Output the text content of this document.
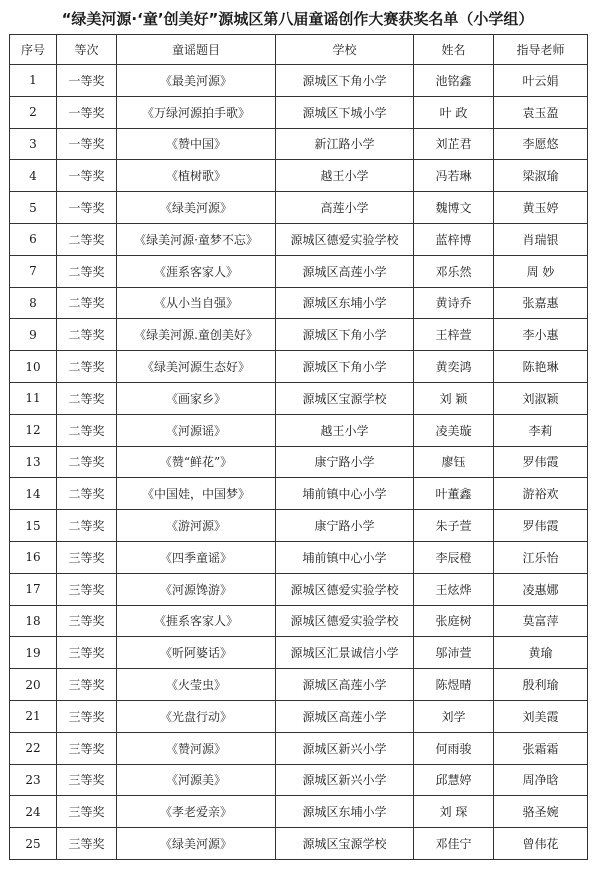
“绿美河源·‘童’创美好”源城区第八届童谣创作大赛获奖名单（小学组）
序号	等次	童谣题目	学校	姓名	指导老师
1	一等奖	《最美河源》	源城区下角小学	池铭鑫	叶云娟
2	一等奖	《万绿河源拍手歌》	源城区下城小学	叶 政	袁玉盈
3	一等奖	《赞中国》	新江路小学	刘芷君	李愿悠
4	一等奖	《植树歌》	越王小学	冯若琳	梁淑瑜
5	一等奖	《绿美河源》	高莲小学	魏博文	黄玉婷
6	二等奖	《绿美河源·童梦不忘》	源城区德爱实验学校	蓝梓博	肖瑞银
7	二等奖	《涯系客家人》	源城区高莲小学	邓乐然	周 妙
8	二等奖	《从小当自强》	源城区东埔小学	黄诗乔	张嘉惠
9	二等奖	《绿美河源.童创美好》	源城区下角小学	王梓萱	李小惠
10	二等奖	《绿美河源生态好》	源城区下角小学	黄奕鸿	陈艳琳
11	二等奖	《画家乡》	源城区宝源学校	刘 颖	刘淑颖
12	二等奖	《河源谣》	越王小学	凌美璇	李莉
13	二等奖	《赞“鲜花”》	康宁路小学	廖钰	罗伟霞
14	二等奖	《中国娃，中国梦》	埔前镇中心小学	叶董鑫	游裕欢
15	二等奖	《游河源》	康宁路小学	朱子萱	罗伟霞
16	三等奖	《四季童谣》	埔前镇中心小学	李辰橙	江乐怡
17	三等奖	《河源馋游》	源城区德爱实验学校	王炫烨	凌惠娜
18	三等奖	《捱系客家人》	源城区德爱实验学校	张庭树	莫富萍
19	三等奖	《听阿婆话》	源城区汇景诚信小学	邬沛萱	黄瑜
20	三等奖	《火莹虫》	源城区高莲小学	陈煜晴	殷利瑜
21	三等奖	《光盘行动》	源城区高莲小学	刘学	刘美霞
22	三等奖	《赞河源》	源城区新兴小学	何雨骏	张霜霜
23	三等奖	《河源美》	源城区新兴小学	邱慧婷	周净晗
24	三等奖	《孝老爱亲》	源城区东埔小学	刘 琛	骆圣婉
25	三等奖	《绿美河源》	源城区宝源学校	邓佳宁	曾伟花
